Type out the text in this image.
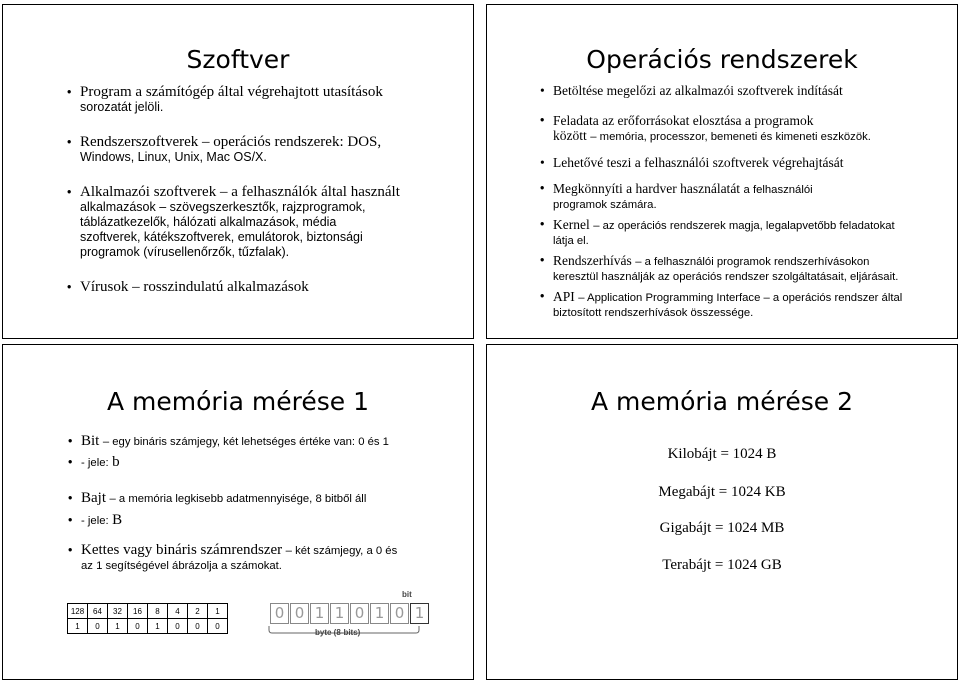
Szoftver
• Program a számítógép által végrehajtott utasítások
sorozatát jelöli.
• Rendszerszoftverek – operációs rendszerek: DOS,
Windows, Linux, Unix, Mac OS/X.
• Alkalmazói szoftverek – a felhasználók által használt
alkalmazások – szövegszerkesztők, rajzprogramok,
táblázatkezelők, hálózati alkalmazások, média
szoftverek, kátékszoftverek, emulátorok, biztonsági
programok (vírusellenőrzők, tűzfalak).
• Vírusok – rosszindulatú alkalmazások
Operációs rendszerek
• Betöltése megelőzi az alkalmazói szoftverek indítását
• Feladata az erőforrásokat elosztása a programok
között – memória, processzor, bemeneti és kimeneti eszközök.
• Lehetővé teszi a felhasználói szoftverek végrehajtását
• Megkönnyíti a hardver használatát a felhasználói
programok számára.
• Kernel – az operációs rendszerek magja, legalapvetőbb feladatokat
látja el.
• Rendszerhívás – a felhasználói programok rendszerhívásokon
keresztül használják az operációs rendszer szolgáltatásait, eljárásait.
• API – Application Programming Interface – a operációs rendszer által
biztosított rendszerhívások összessége.
A memória mérése 1
• Bit – egy bináris számjegy, két lehetséges értéke van: 0 és 1
• - jele: b
• Bajt – a memória legkisebb adatmennyisége, 8 bitből áll
• - jele: B
• Kettes vagy bináris számrendszer – két számjegy, a 0 és
az 1 segítségével ábrázolja a számokat.
128	64	32	16	8	4	2	1
1	0	1	0	1	0	0	0
bit
0 0 1 1 0 1 0 1
byte (8-bits)
A memória mérése 2
Kilobájt = 1024 B
Megabájt = 1024 KB
Gigabájt = 1024 MB
Terabájt = 1024 GB
